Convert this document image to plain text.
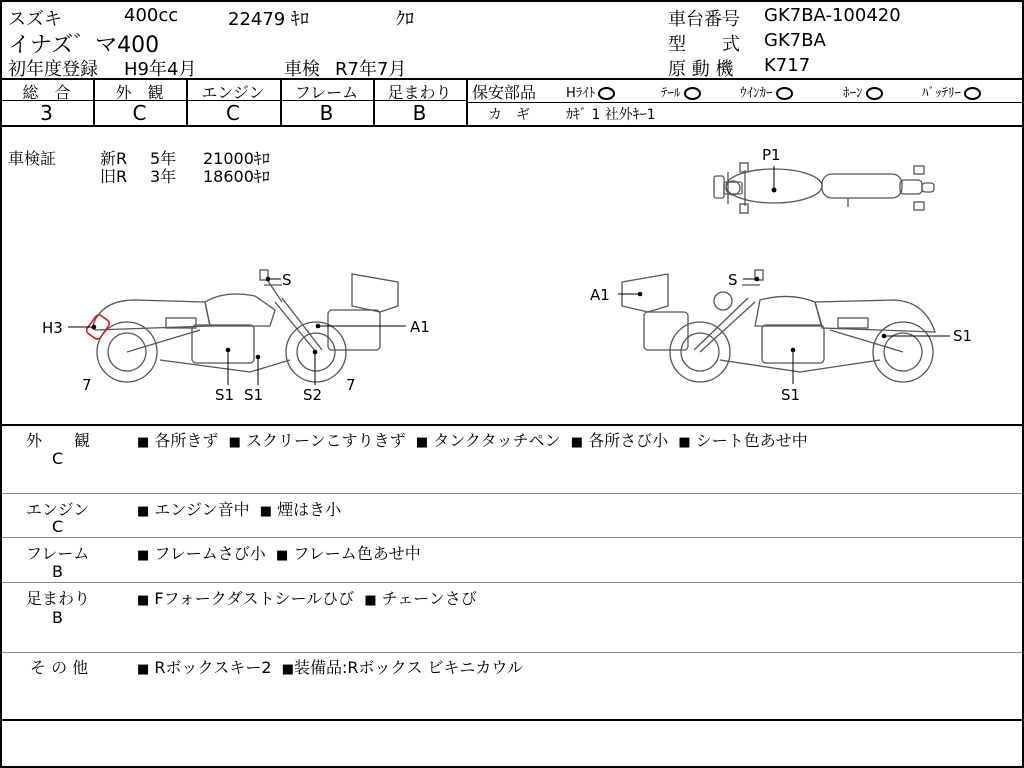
スズキ	400cc	22479 ｷﾛ	ｸﾛ
イナズ゛マ400
初年度登録 H9年4月	車検 R7年7月
車台番号 GK7BA-100420
型　　式 GK7BA
原 動 機 K717
総　合	外　観	エンジン	フレーム	足まわり
3	C	C	B	B
保安部品 Hﾗｲﾄ	ﾃｰﾙ	ｳｲﾝｶｰ	ﾎｰﾝ	ﾊﾞｯﾃﾘｰ
カ　ギ	ｶｷﾞ 1 社外ｷｰ1
車検証	新R 5年 21000ｷﾛ
旧R 3年 18600ｷﾛ
P1
H3
S
A1
7
S1 S1	S2
7
A1
S
S1
S1
外　　観
C
■ 各所きず ■ スクリーンこすりきず ■ タンクタッチペン ■ 各所さび小 ■ シート色あせ中
エンジン
C
■ エンジン音中 ■ 煙はき小
フレーム
B
■ フレームさび小 ■ フレーム色あせ中
足まわり
B
■ Fフォークダストシールひび ■ チェーンさび
そ の 他	■ Rボックスキー2 ■装備品:Rボックス ビキニカウル
